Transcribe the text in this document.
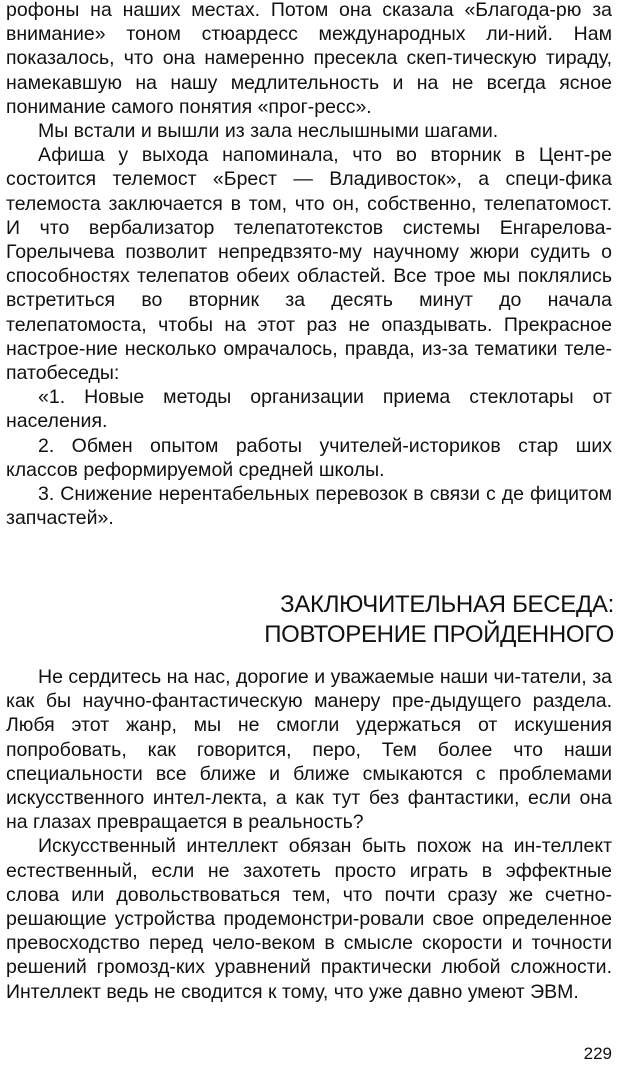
рофоны на наших местах. Потом она сказала «Благода-рю за внимание» тоном стюардесс международных ли-ний. Нам показалось, что она намеренно пресекла скеп-тическую тираду, намекавшую на нашу медлительность и на не всегда ясное понимание самого понятия «прог-ресс».

Мы встали и вышли из зала неслышными шагами.

Афиша у выхода напоминала, что во вторник в Цент-ре состоится телемост «Брест — Владивосток», а специ-фика телемоста заключается в том, что он, собственно, телепатомост. И что вербализатор телепатотекстов системы Енгарелова-Горелычева позволит непредвзято-му научному жюри судить о способностях телепатов обеих областей. Все трое мы поклялись встретиться во вторник за десять минут до начала телепатомоста, чтобы на этот раз не опаздывать. Прекрасное настрое-ние несколько омрачалось, правда, из-за тематики теле-патобеседы:

«1. Новые методы организации приема стеклотары от населения.

2. Обмен опытом работы учителей-историков стар ших классов реформируемой средней школы.

3. Снижение нерентабельных перевозок в связи с де фицитом запчастей».

ЗАКЛЮЧИТЕЛЬНАЯ БЕСЕДА:
ПОВТОРЕНИЕ ПРОЙДЕННОГО

Не сердитесь на нас, дорогие и уважаемые наши чи-татели, за как бы научно-фантастическую манеру пре-дыдущего раздела. Любя этот жанр, мы не смогли удержаться от искушения попробовать, как говорится, перо, Тем более что наши специальности все ближе и ближе смыкаются с проблемами искусственного интел-лекта, а как тут без фантастики, если она на глазах превращается в реальность?

Искусственный интеллект обязан быть похож на ин-теллект естественный, если не захотеть просто играть в эффектные слова или довольствоваться тем, что почти сразу же счетно-решающие устройства продемонстри-ровали свое определенное превосходство перед чело-веком в смысле скорости и точности решений громозд-ких уравнений практически любой сложности. Интеллект ведь не сводится к тому, что уже давно умеют ЭВМ.

229
